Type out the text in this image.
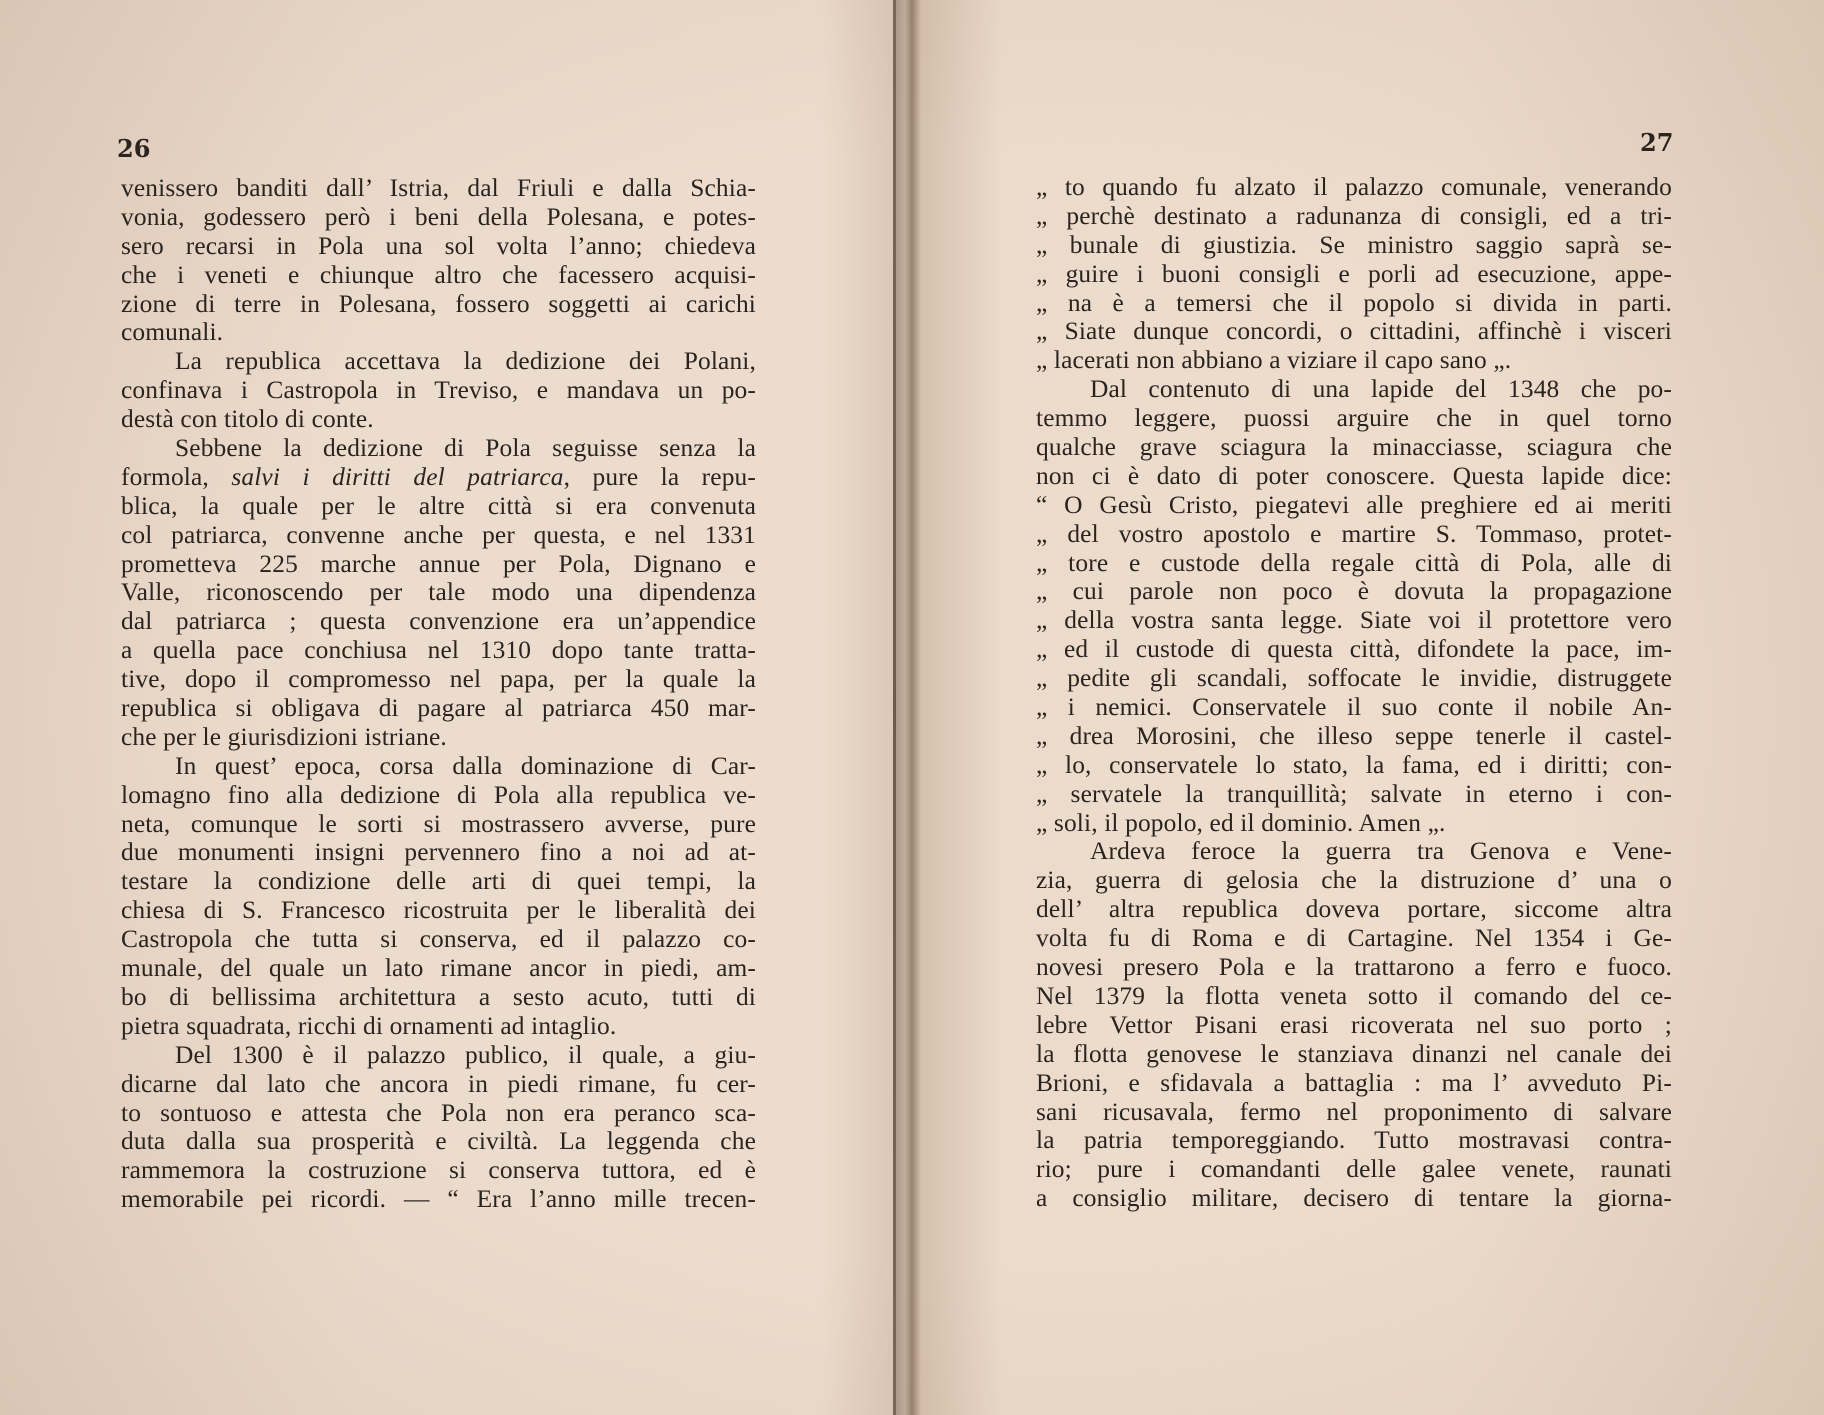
26
venissero banditi dall’ Istria, dal Friuli e dalla Schia-
vonia, godessero però i beni della Polesana, e potes-
sero recarsi in Pola una sol volta l’anno; chiedeva
che i veneti e chiunque altro che facessero acquisi-
zione di terre in Polesana, fossero soggetti ai carichi
comunali.
La republica accettava la dedizione dei Polani,
confinava i Castropola in Treviso, e mandava un po-
destà con titolo di conte.
Sebbene la dedizione di Pola seguisse senza la
formola, salvi i diritti del patriarca, pure la repu-
blica, la quale per le altre città si era convenuta
col patriarca, convenne anche per questa, e nel 1331
prometteva 225 marche annue per Pola, Dignano e
Valle, riconoscendo per tale modo una dipendenza
dal patriarca ; questa convenzione era un’appendice
a quella pace conchiusa nel 1310 dopo tante tratta-
tive, dopo il compromesso nel papa, per la quale la
republica si obligava di pagare al patriarca 450 mar-
che per le giurisdizioni istriane.
In quest’ epoca, corsa dalla dominazione di Car-
lomagno fino alla dedizione di Pola alla republica ve-
neta, comunque le sorti si mostrassero avverse, pure
due monumenti insigni pervennero fino a noi ad at-
testare la condizione delle arti di quei tempi, la
chiesa di S. Francesco ricostruita per le liberalità dei
Castropola che tutta si conserva, ed il palazzo co-
munale, del quale un lato rimane ancor in piedi, am-
bo di bellissima architettura a sesto acuto, tutti di
pietra squadrata, ricchi di ornamenti ad intaglio.
Del 1300 è il palazzo publico, il quale, a giu-
dicarne dal lato che ancora in piedi rimane, fu cer-
to sontuoso e attesta che Pola non era peranco sca-
duta dalla sua prosperità e civiltà. La leggenda che
rammemora la costruzione si conserva tuttora, ed è
memorabile pei ricordi. — “ Era l’anno mille trecen-
27
„ to quando fu alzato il palazzo comunale, venerando
„ perchè destinato a radunanza di consigli, ed a tri-
„ bunale di giustizia. Se ministro saggio saprà se-
„ guire i buoni consigli e porli ad esecuzione, appe-
„ na è a temersi che il popolo si divida in parti.
„ Siate dunque concordi, o cittadini, affinchè i visceri
„ lacerati non abbiano a viziare il capo sano „.
Dal contenuto di una lapide del 1348 che po-
temmo leggere, puossi arguire che in quel torno
qualche grave sciagura la minacciasse, sciagura che
non ci è dato di poter conoscere. Questa lapide dice:
“ O Gesù Cristo, piegatevi alle preghiere ed ai meriti
„ del vostro apostolo e martire S. Tommaso, protet-
„ tore e custode della regale città di Pola, alle di
„ cui parole non poco è dovuta la propagazione
„ della vostra santa legge. Siate voi il protettore vero
„ ed il custode di questa città, difondete la pace, im-
„ pedite gli scandali, soffocate le invidie, distruggete
„ i nemici. Conservatele il suo conte il nobile An-
„ drea Morosini, che illeso seppe tenerle il castel-
„ lo, conservatele lo stato, la fama, ed i diritti; con-
„ servatele la tranquillità; salvate in eterno i con-
„ soli, il popolo, ed il dominio. Amen „.
Ardeva feroce la guerra tra Genova e Vene-
zia, guerra di gelosia che la distruzione d’ una o
dell’ altra republica doveva portare, siccome altra
volta fu di Roma e di Cartagine. Nel 1354 i Ge-
novesi presero Pola e la trattarono a ferro e fuoco.
Nel 1379 la flotta veneta sotto il comando del ce-
lebre Vettor Pisani erasi ricoverata nel suo porto ;
la flotta genovese le stanziava dinanzi nel canale dei
Brioni, e sfidavala a battaglia : ma l’ avveduto Pi-
sani ricusavala, fermo nel proponimento di salvare
la patria temporeggiando. Tutto mostravasi contra-
rio; pure i comandanti delle galee venete, raunati
a consiglio militare, decisero di tentare la giorna-
